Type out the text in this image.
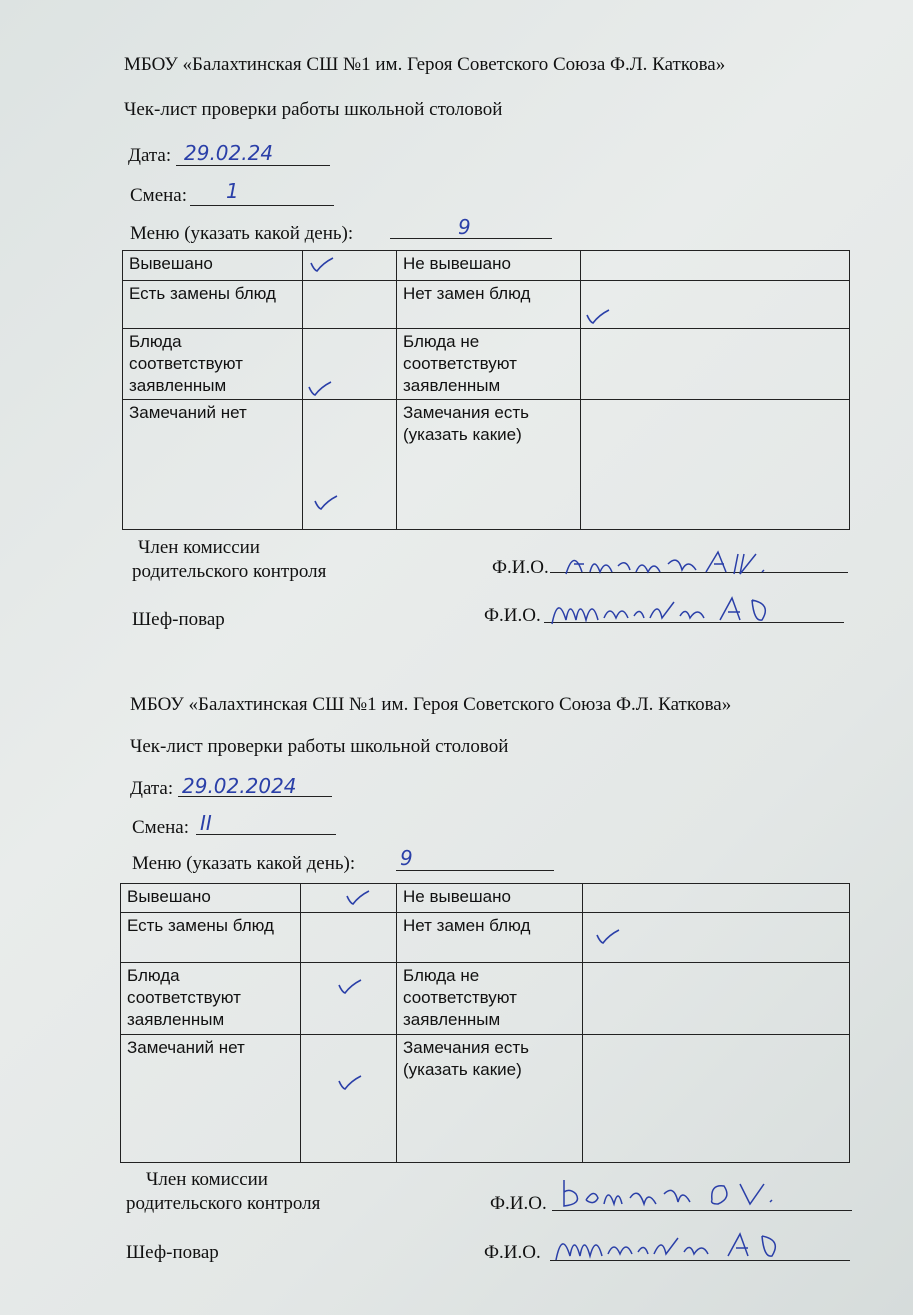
МБОУ «Балахтинская СШ №1 им. Героя Советского Союза Ф.Л. Каткова»
Чек-лист проверки работы школьной столовой
Дата: 29.02.24
Смена: 1
Меню (указать какой день):	9
Вывешано		Не вывешано	
Есть замены блюд		Нет замен блюд	

Блюда соответствуют заявленным		Блюда не соответствуют заявленным	
Замечаний нет		Замечания есть (указать какие)	
Член комиссии
родительского контроля	Ф.И.О.
Шеф-повар	Ф.И.О.
МБОУ «Балахтинская СШ №1 им. Героя Советского Союза Ф.Л. Каткова»
Чек-лист проверки работы школьной столовой
Дата: 29.02.2024
Смена: II
Меню (указать какой день): 9
Вывешано		Не вывешано	
Есть замены блюд		Нет замен блюд	

Блюда соответствуют заявленным		Блюда не соответствуют заявленным	
Замечаний нет		Замечания есть (указать какие)	
Член комиссии
родительского контроля	Ф.И.О.
Шеф-повар	Ф.И.О.
